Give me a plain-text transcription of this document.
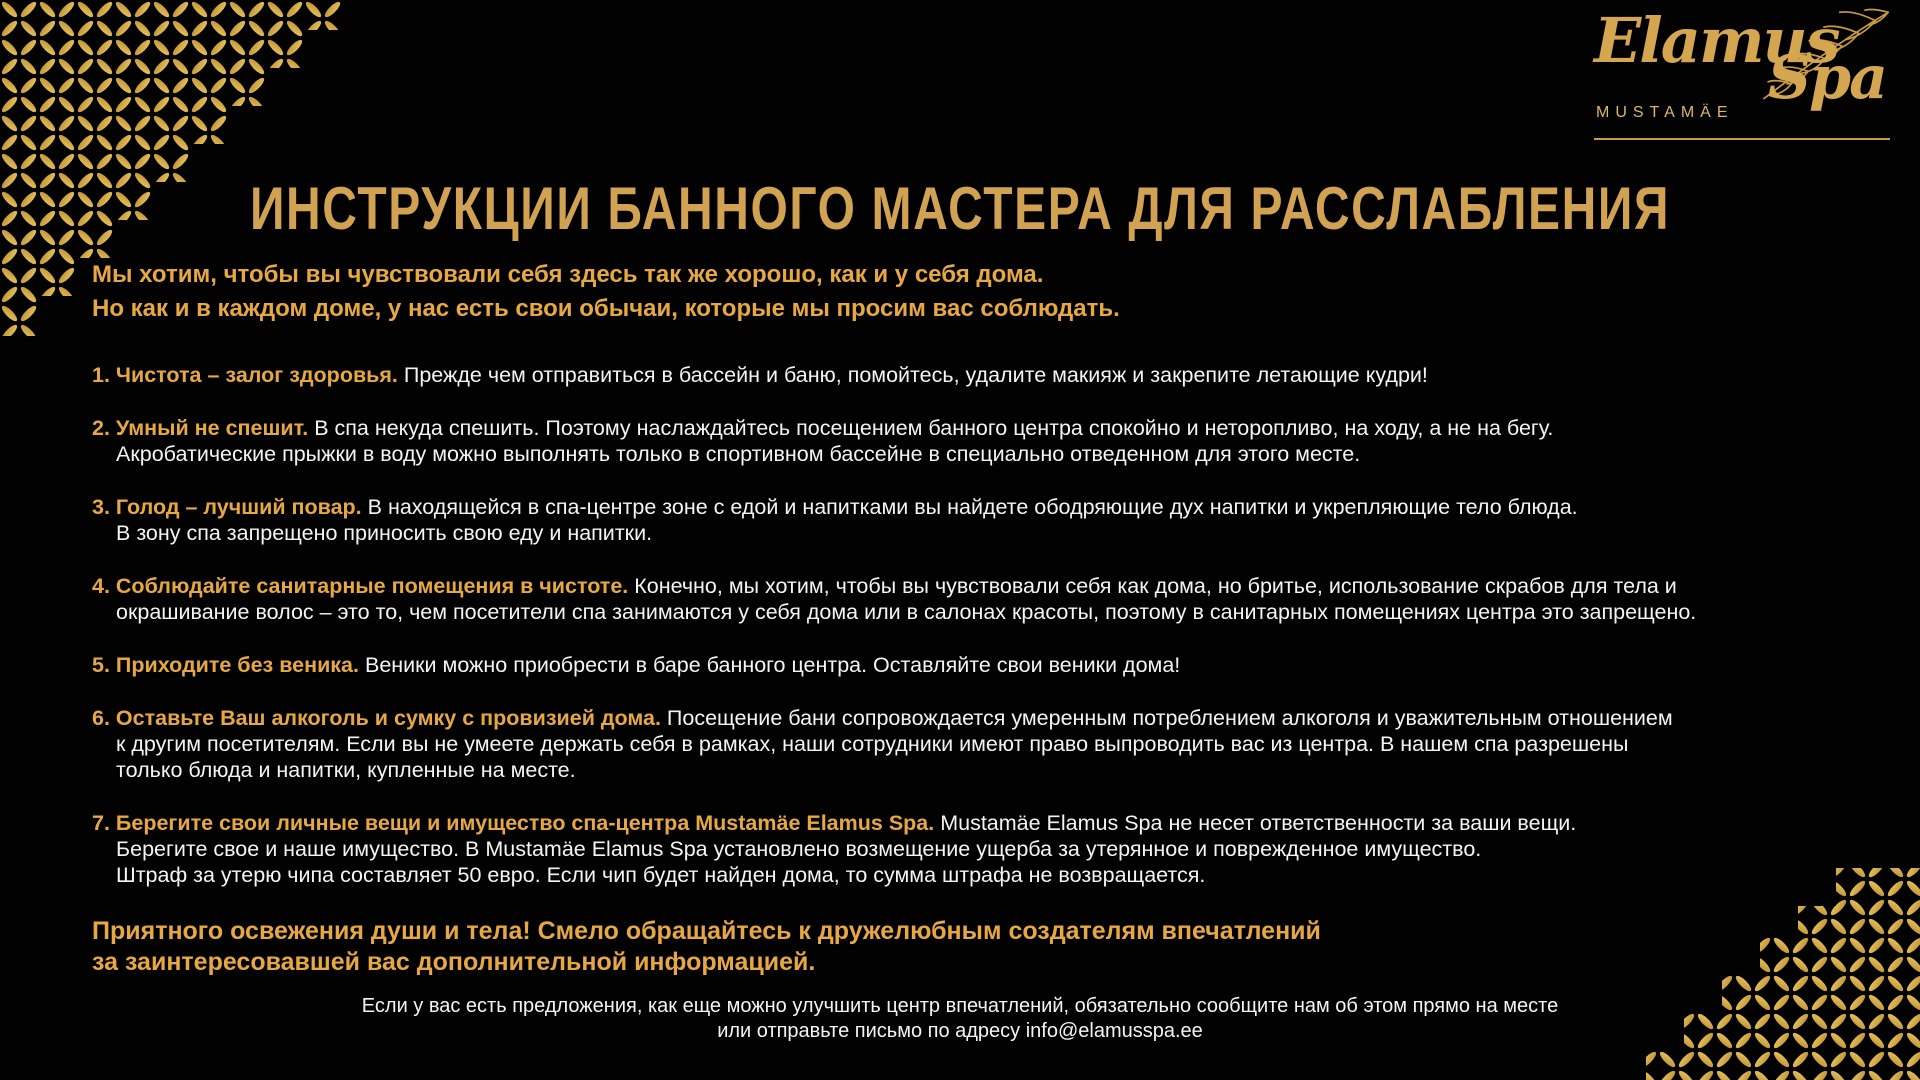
Elamus
Spa
MUSTAMÄE
ИНСТРУКЦИИ БАННОГО МАСТЕРА ДЛЯ РАССЛАБЛЕНИЯ
Мы хотим, чтобы вы чувствовали себя здесь так же хорошо, как и у себя дома.
Но как и в каждом доме, у нас есть свои обычаи, которые мы просим вас соблюдать.
1. Чистота – залог здоровья. Прежде чем отправиться в бассейн и баню, помойтесь, удалите макияж и закрепите летающие кудри!
2. Умный не спешит. В спа некуда спешить. Поэтому наслаждайтесь посещением банного центра спокойно и неторопливо, на ходу, а не на бегу.
Акробатические прыжки в воду можно выполнять только в спортивном бассейне в специально отведенном для этого месте.
3. Голод – лучший повар. В находящейся в спа-центре зоне с едой и напитками вы найдете ободряющие дух напитки и укрепляющие тело блюда.
В зону спа запрещено приносить свою еду и напитки.
4. Соблюдайте санитарные помещения в чистоте. Конечно, мы хотим, чтобы вы чувствовали себя как дома, но бритье, использование скрабов для тела и
окрашивание волос – это то, чем посетители спа занимаются у себя дома или в салонах красоты, поэтому в санитарных помещениях центра это запрещено.
5. Приходите без веника. Веники можно приобрести в баре банного центра. Оставляйте свои веники дома!
6. Оставьте Ваш алкоголь и сумку с провизией дома. Посещение бани сопровождается умеренным потреблением алкоголя и уважительным отношением
к другим посетителям. Если вы не умеете держать себя в рамках, наши сотрудники имеют право выпроводить вас из центра. В нашем спа разрешены
только блюда и напитки, купленные на месте.
7. Берегите свои личные вещи и имущество спа-центра Mustamäe Elamus Spa. Mustamäe Elamus Spa не несет ответственности за ваши вещи.
Берегите свое и наше имущество. В Mustamäe Elamus Spa установлено возмещение ущерба за утерянное и поврежденное имущество.
Штраф за утерю чипа составляет 50 евро. Если чип будет найден дома, то сумма штрафа не возвращается.
Приятного освежения души и тела! Смело обращайтесь к дружелюбным создателям впечатлений
за заинтересовавшей вас дополнительной информацией.
Если у вас есть предложения, как еще можно улучшить центр впечатлений, обязательно сообщите нам об этом прямо на месте
или отправьте письмо по адресу info@elamusspa.ee
